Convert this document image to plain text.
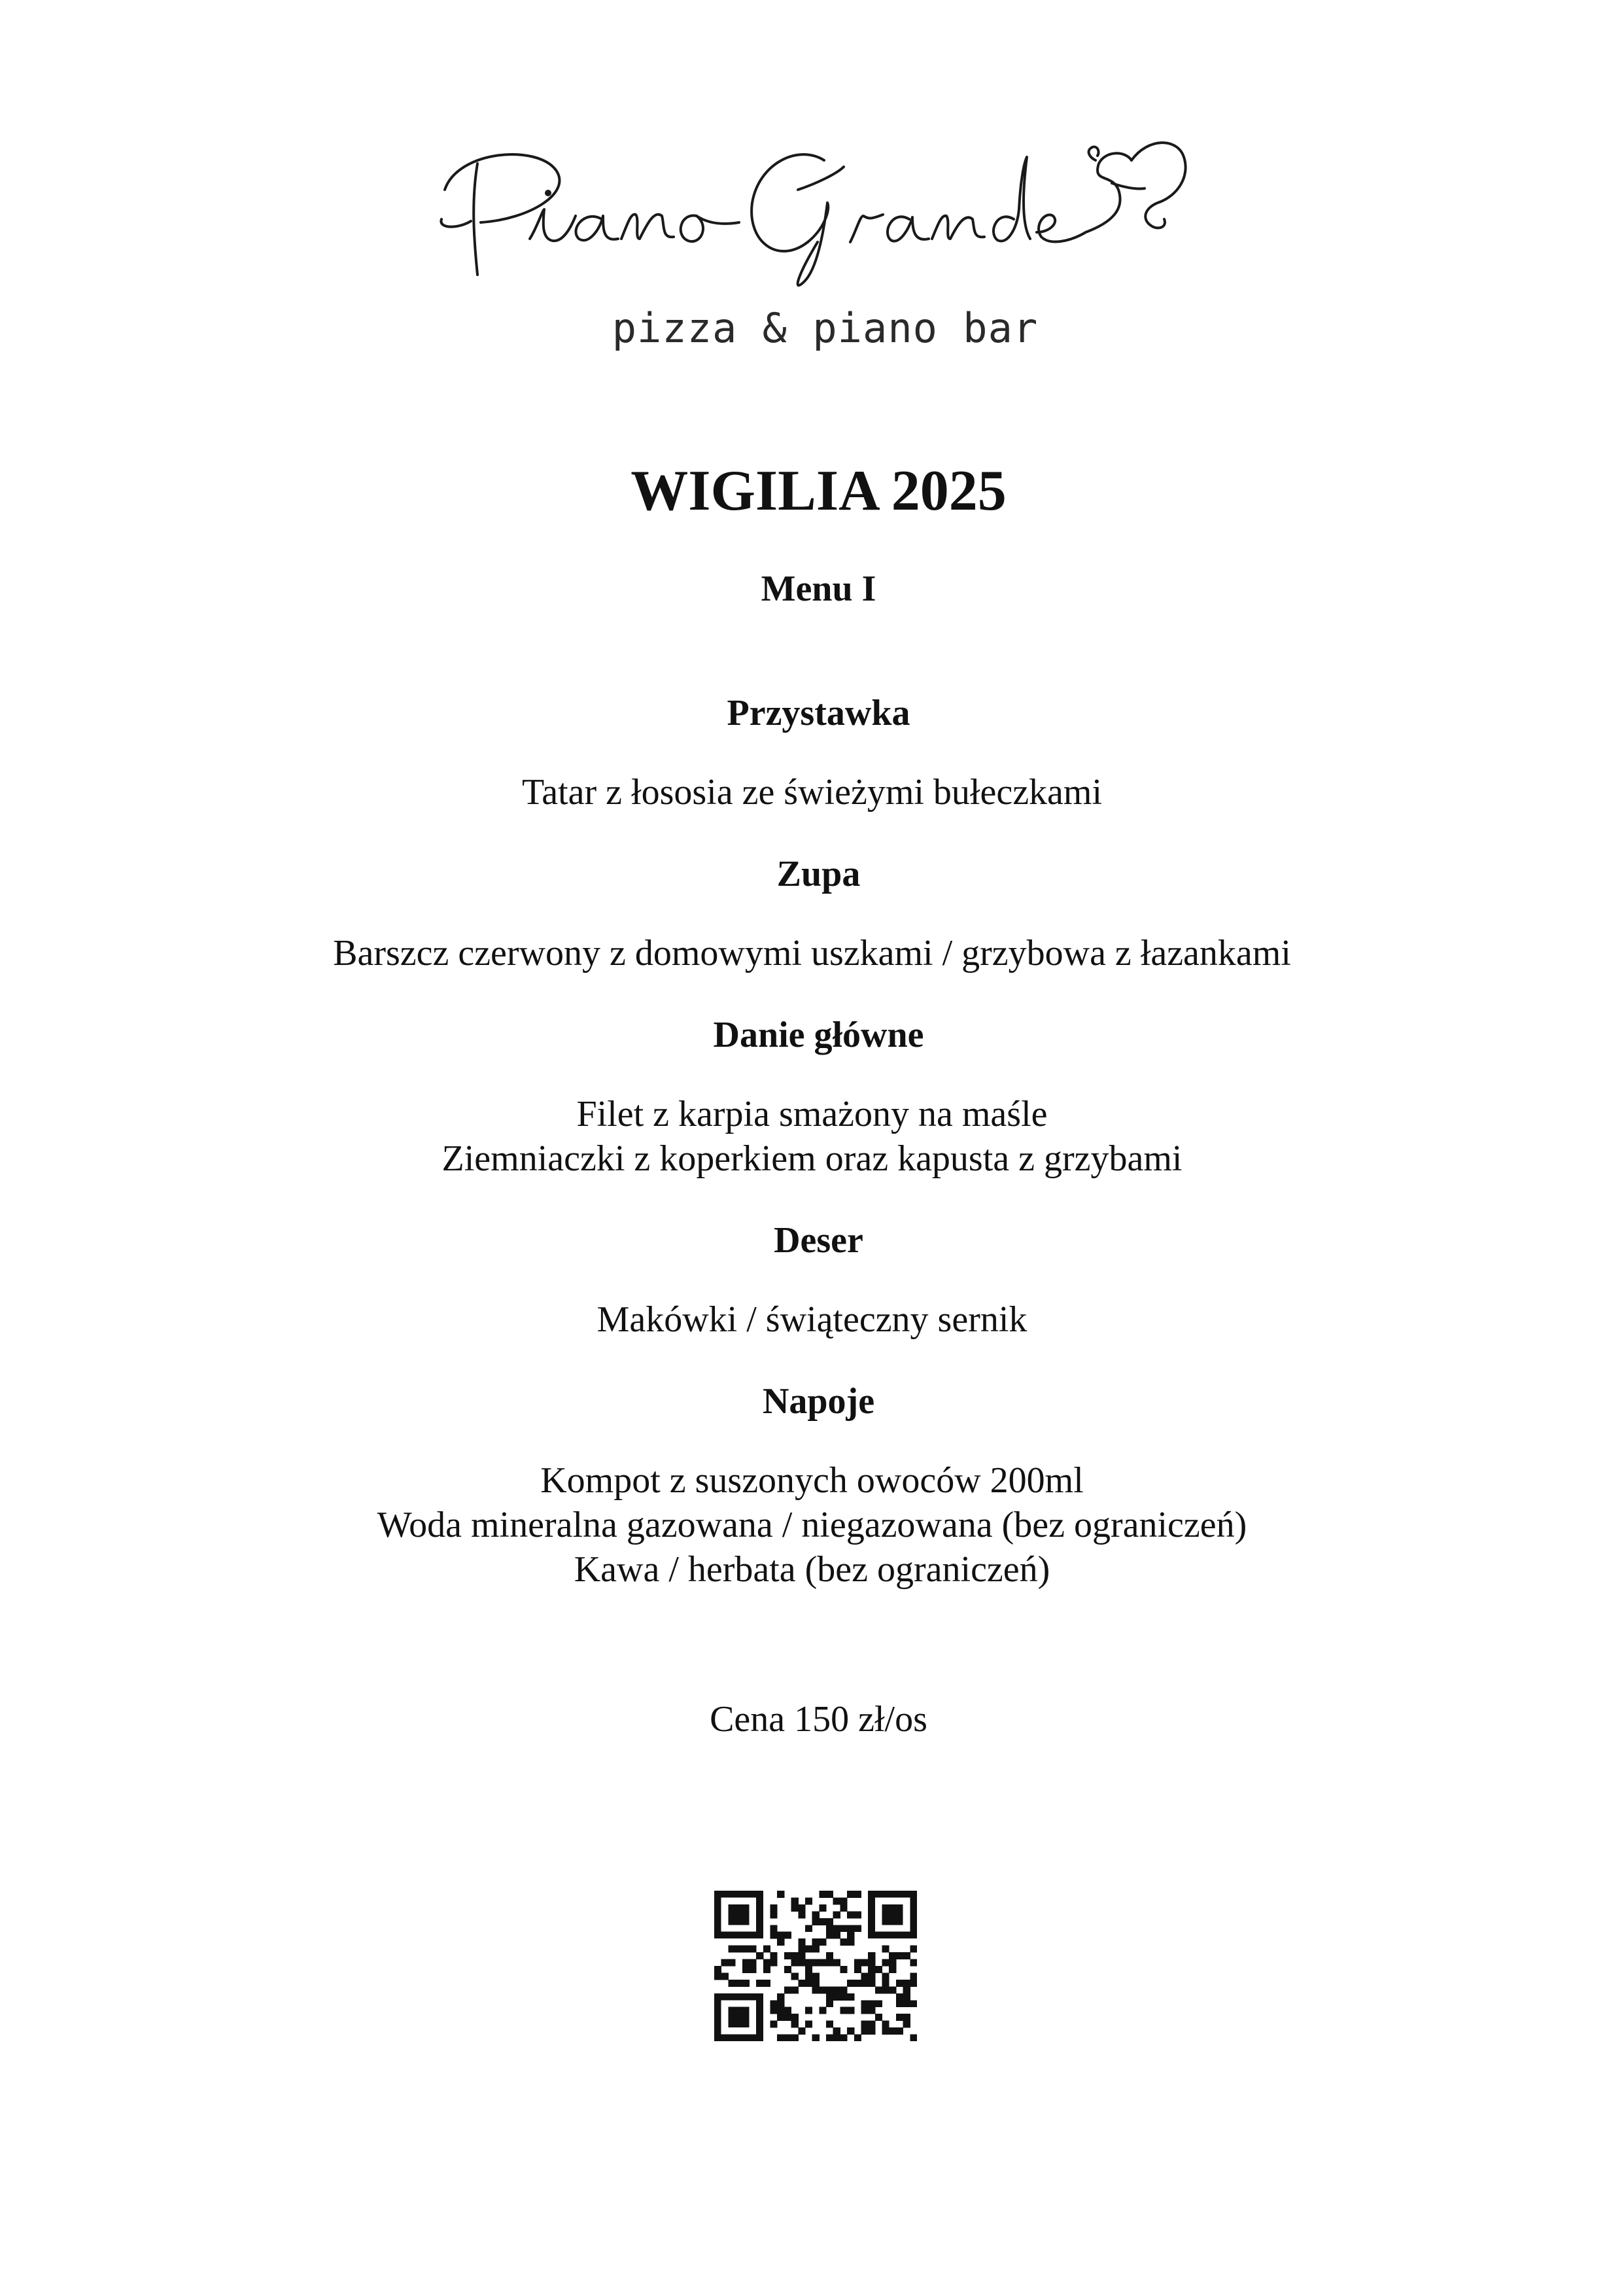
pizza & piano bar
WIGILIA 2025
Menu I
Przystawka
Tatar z łososia ze świeżymi bułeczkami
Zupa
Barszcz czerwony z domowymi uszkami / grzybowa z łazankami
Danie główne
Filet z karpia smażony na maśle
Ziemniaczki z koperkiem oraz kapusta z grzybami
Deser
Makówki / świąteczny sernik
Napoje
Kompot z suszonych owoców 200ml
Woda mineralna gazowana / niegazowana (bez ograniczeń)
Kawa / herbata (bez ograniczeń)
Cena 150 zł/os
